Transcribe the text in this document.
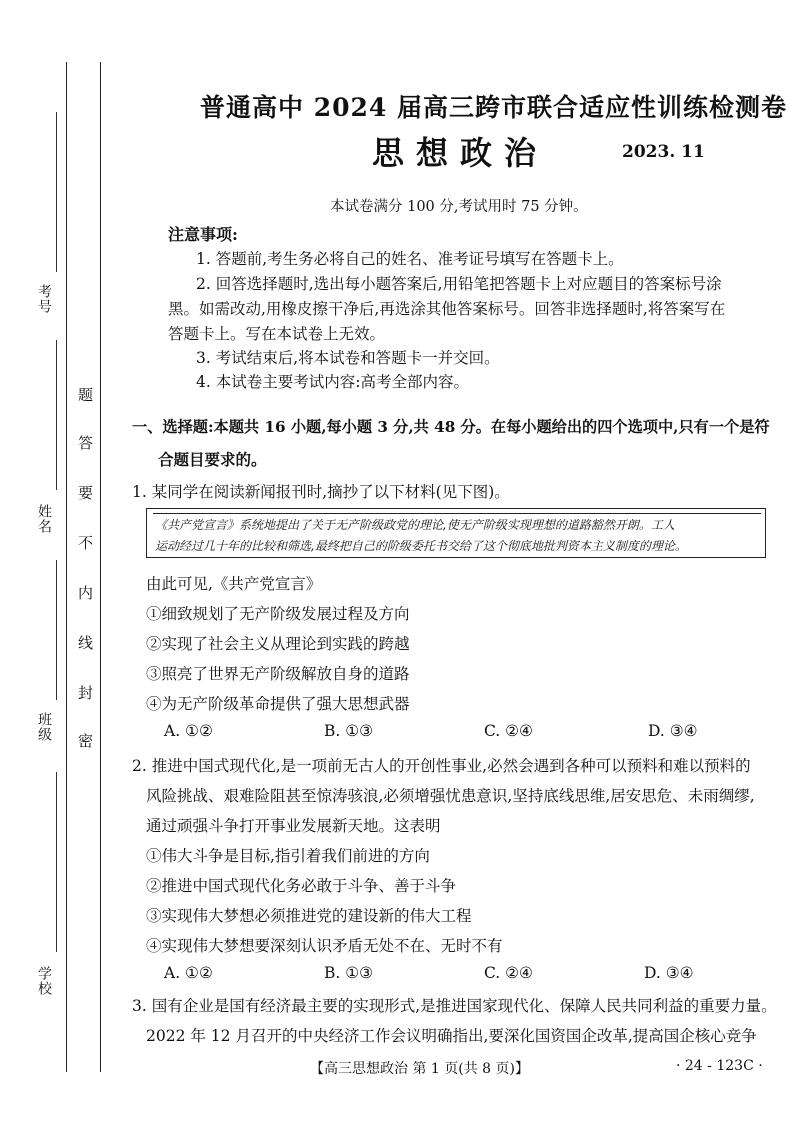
考号
姓名
班级
学校
题
答
要
不
内
线
封
密
普通高中 2024 届高三跨市联合适应性训练检测卷
思想政治	2023. 11
本试卷满分 100 分,考试用时 75 分钟。
注意事项:
1. 答题前,考生务必将自己的姓名、准考证号填写在答题卡上。
2. 回答选择题时,选出每小题答案后,用铅笔把答题卡上对应题目的答案标号涂
黑。如需改动,用橡皮擦干净后,再选涂其他答案标号。回答非选择题时,将答案写在
答题卡上。写在本试卷上无效。
3. 考试结束后,将本试卷和答题卡一并交回。
4. 本试卷主要考试内容:高考全部内容。
一、选择题:本题共 16 小题,每小题 3 分,共 48 分。在每小题给出的四个选项中,只有一个是符
合题目要求的。
1. 某同学在阅读新闻报刊时,摘抄了以下材料(见下图)。
《共产党宣言》系统地提出了关于无产阶级政党的理论,使无产阶级实现理想的道路豁然开朗。工人
运动经过几十年的比较和筛选,最终把自己的阶级委托书交给了这个彻底地批判资本主义制度的理论。
由此可见,《共产党宣言》
①细致规划了无产阶级发展过程及方向
②实现了社会主义从理论到实践的跨越
③照亮了世界无产阶级解放自身的道路
④为无产阶级革命提供了强大思想武器
A. ①②	B. ①③	C. ②④	D. ③④
2. 推进中国式现代化,是一项前无古人的开创性事业,必然会遇到各种可以预料和难以预料的
风险挑战、艰难险阻甚至惊涛骇浪,必须增强忧患意识,坚持底线思维,居安思危、未雨绸缪,
通过顽强斗争打开事业发展新天地。这表明
①伟大斗争是目标,指引着我们前进的方向
②推进中国式现代化务必敢于斗争、善于斗争
③实现伟大梦想必须推进党的建设新的伟大工程
④实现伟大梦想要深刻认识矛盾无处不在、无时不有
A. ①②	B. ①③	C. ②④	D. ③④
3. 国有企业是国有经济最主要的实现形式,是推进国家现代化、保障人民共同利益的重要力量。
2022 年 12 月召开的中央经济工作会议明确指出,要深化国资国企改革,提高国企核心竞争
【高三思想政治 第 1 页(共 8 页)】	· 24 - 123C ·
